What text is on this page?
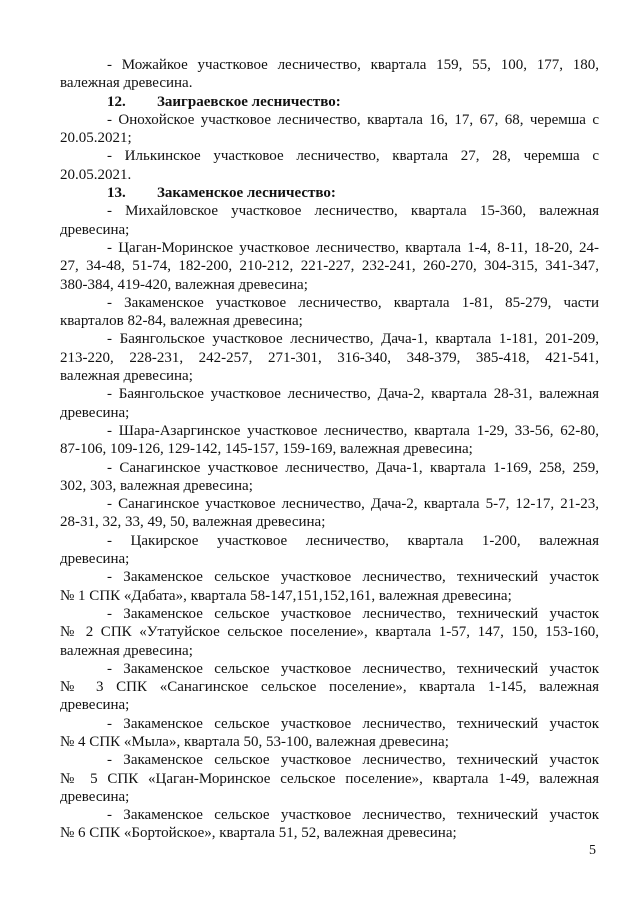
- Можайкое участковое лесничество, квартала 159, 55, 100, 177, 180,
валежная древесина.
12. Заиграевское лесничество:
- Онохойское участковое лесничество, квартала 16, 17, 67, 68, черемша с
20.05.2021;
- Илькинское участковое лесничество, квартала 27, 28, черемша с
20.05.2021.
13. Закаменское лесничество:
- Михайловское участковое лесничество, квартала 15-360, валежная
древесина;
- Цаган-Моринское участковое лесничество, квартала 1-4, 8-11, 18-20, 24-
27, 34-48, 51-74, 182-200, 210-212, 221-227, 232-241, 260-270, 304-315, 341-347,
380-384, 419-420, валежная древесина;
- Закаменское участковое лесничество, квартала 1-81, 85-279, части
кварталов 82-84, валежная древесина;
- Баянгольское участковое лесничество, Дача-1, квартала 1-181, 201-209,
213-220, 228-231, 242-257, 271-301, 316-340, 348-379, 385-418, 421-541,
валежная древесина;
- Баянгольское участковое лесничество, Дача-2, квартала 28-31, валежная
древесина;
- Шара-Азаргинское участковое лесничество, квартала 1-29, 33-56, 62-80,
87-106, 109-126, 129-142, 145-157, 159-169, валежная древесина;
- Санагинское участковое лесничество, Дача-1, квартала 1-169, 258, 259,
302, 303, валежная древесина;
- Санагинское участковое лесничество, Дача-2, квартала 5-7, 12-17, 21-23,
28-31, 32, 33, 49, 50, валежная древесина;
- Цакирское участковое лесничество, квартала 1-200, валежная
древесина;
- Закаменское сельское участковое лесничество, технический участок
№ 1 СПК «Дабата», квартала 58-147,151,152,161, валежная древесина;
- Закаменское сельское участковое лесничество, технический участок
№ 2 СПК «Утатуйское сельское поселение», квартала 1-57, 147, 150, 153-160,
валежная древесина;
- Закаменское сельское участковое лесничество, технический участок
№ 3 СПК «Санагинское сельское поселение», квартала 1-145, валежная
древесина;
- Закаменское сельское участковое лесничество, технический участок
№ 4 СПК «Мыла», квартала 50, 53-100, валежная древесина;
- Закаменское сельское участковое лесничество, технический участок
№ 5 СПК «Цаган-Моринское сельское поселение», квартала 1-49, валежная
древесина;
- Закаменское сельское участковое лесничество, технический участок
№ 6 СПК «Бортойское», квартала 51, 52, валежная древесина;
5
